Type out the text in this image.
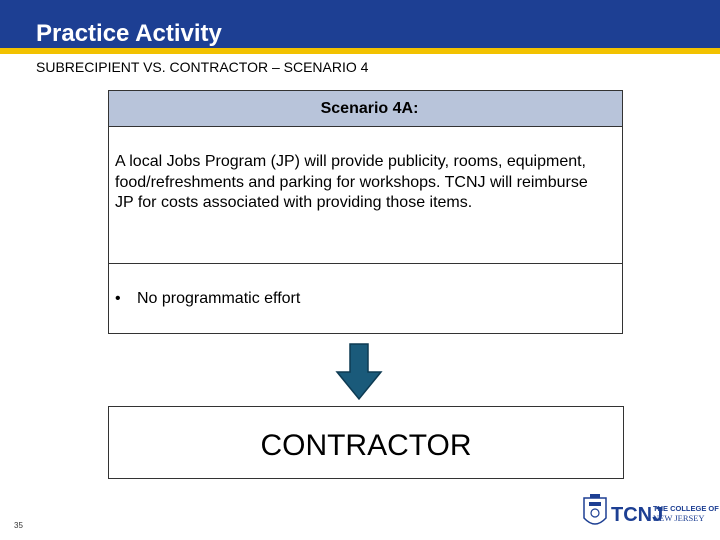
Practice Activity
SUBRECIPIENT VS. CONTRACTOR – SCENARIO 4
Scenario 4A:
A local Jobs Program (JP) will provide publicity, rooms, equipment, food/refreshments and parking for workshops. TCNJ will reimburse JP for costs associated with providing those items.
• No programmatic effort
CONTRACTOR
35	TCNJ
THE COLLEGE OF
NEW JERSEY
